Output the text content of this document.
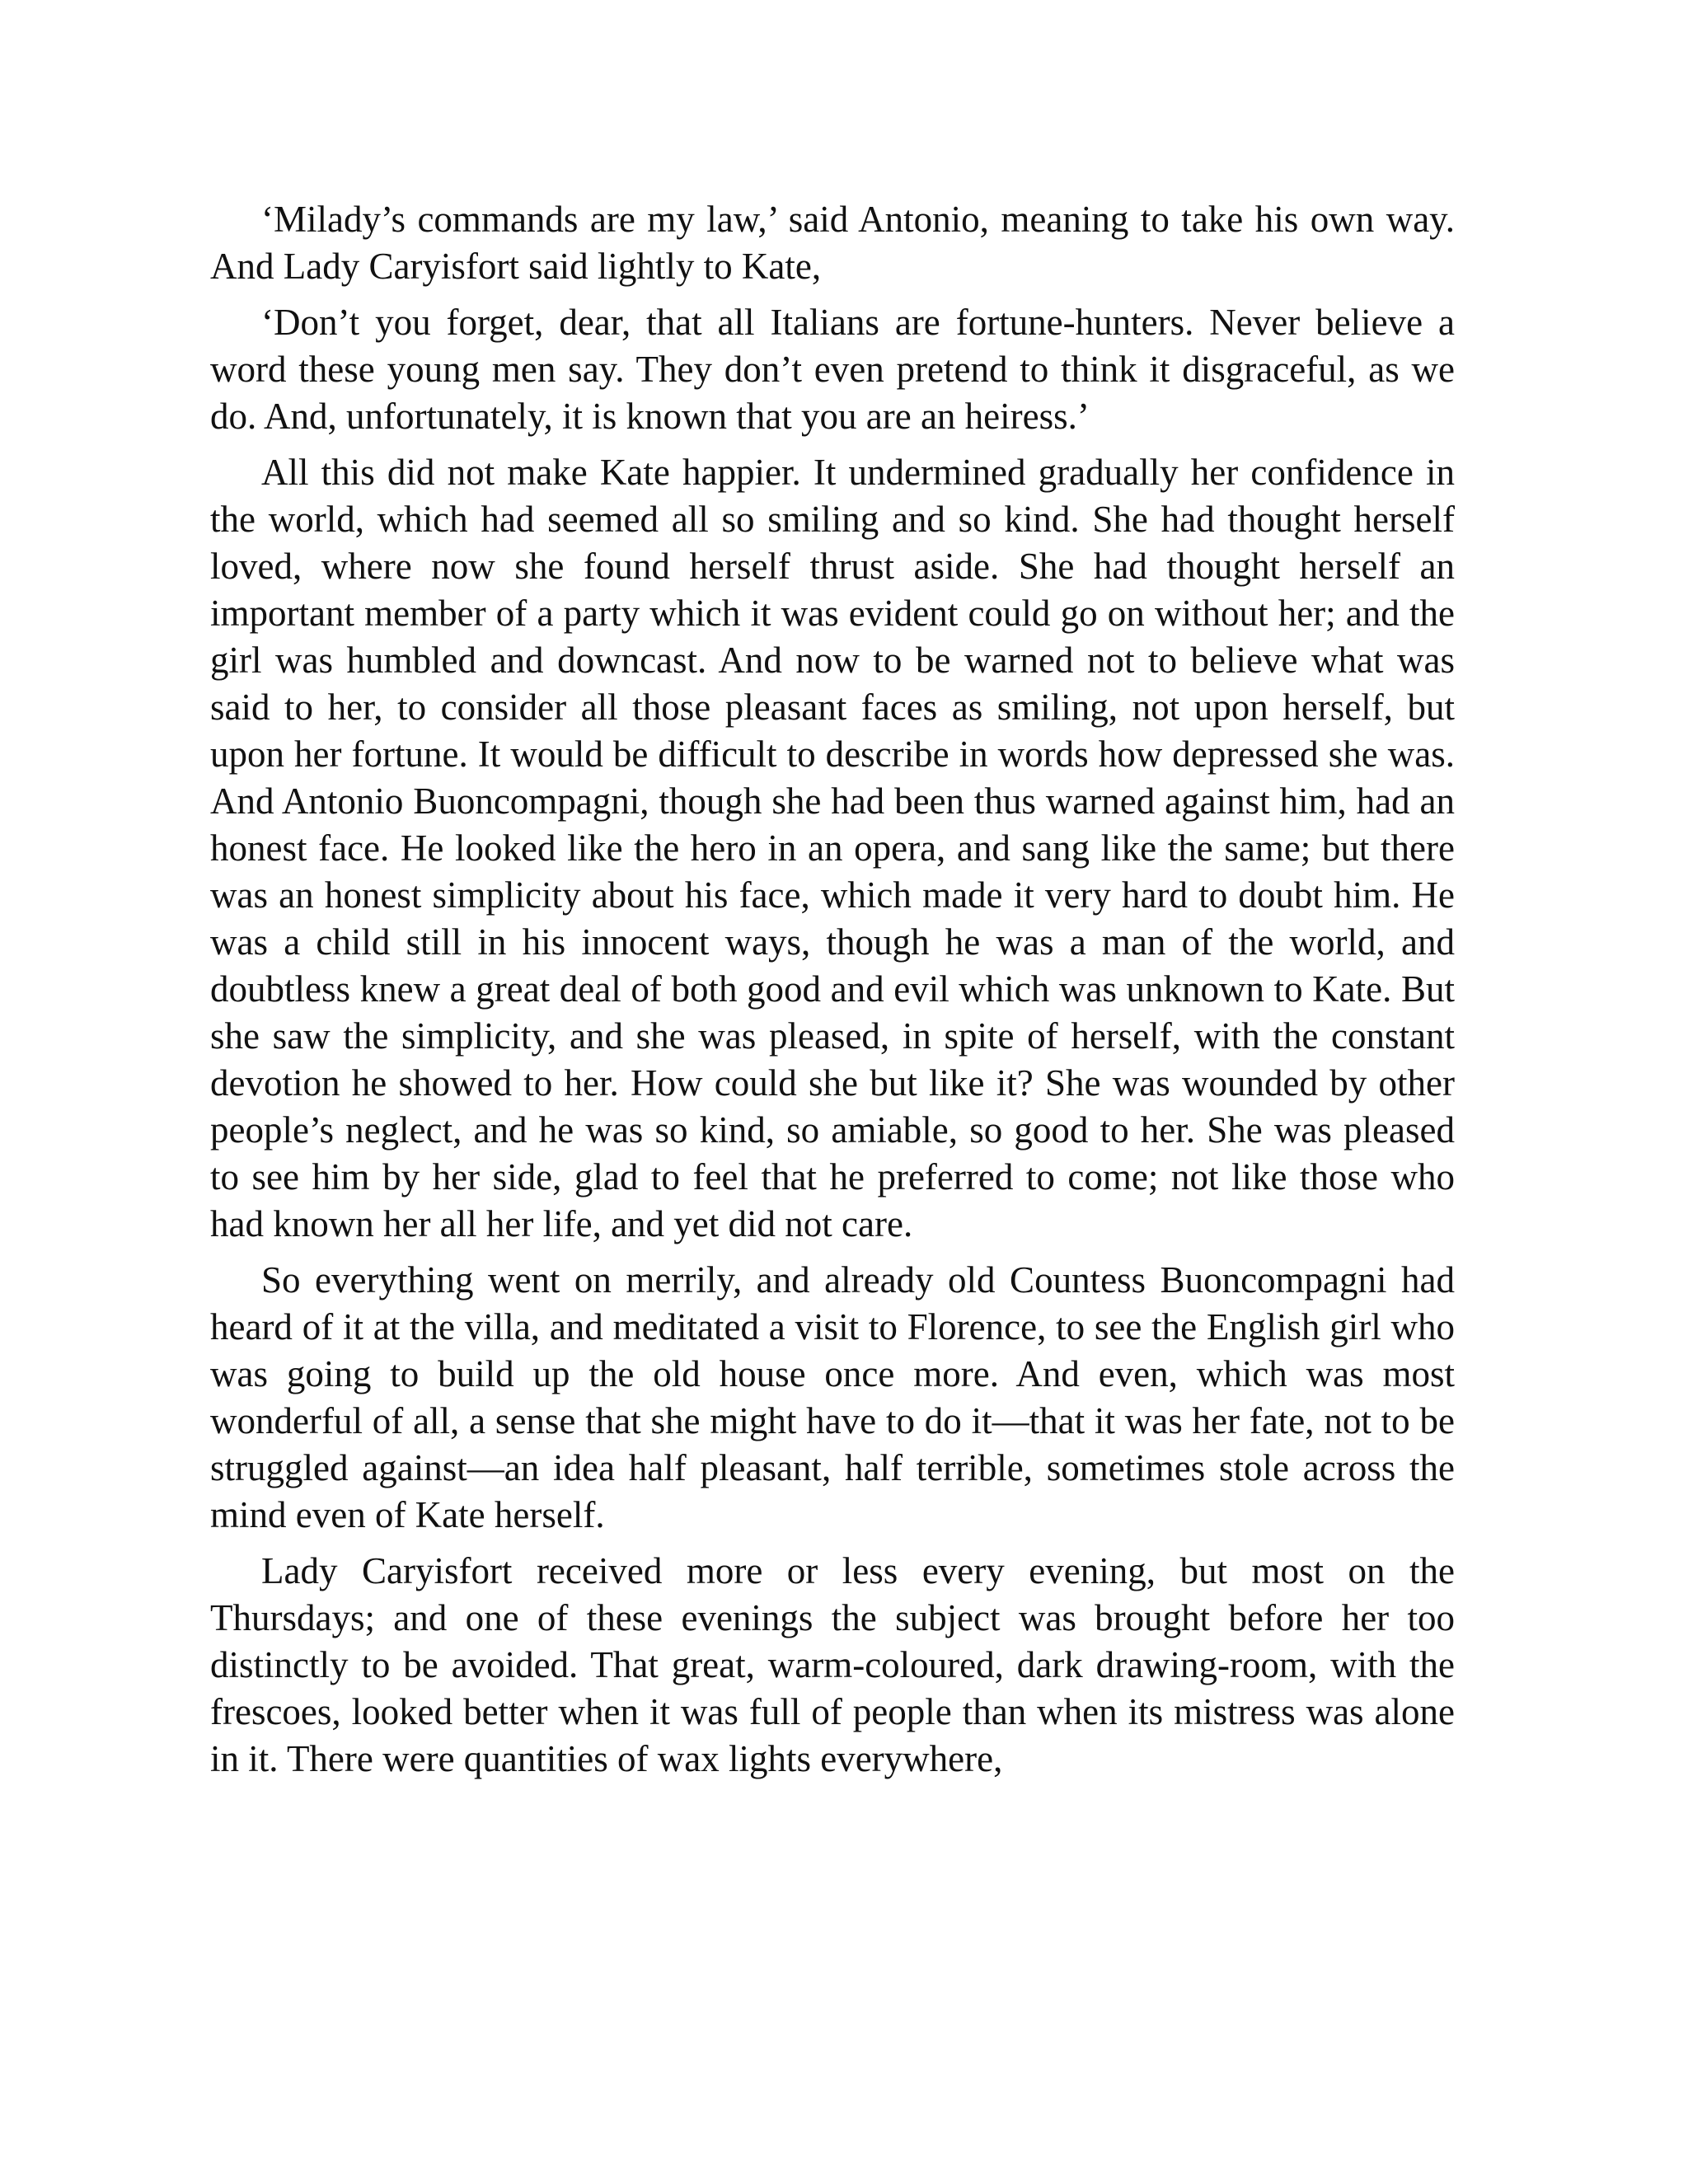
‘Milady’s commands are my law,’ said Antonio, meaning to take his own way. And Lady Caryisfort said lightly to Kate,

‘Don’t you forget, dear, that all Italians are fortune-hunters. Never believe a word these young men say. They don’t even pretend to think it disgraceful, as we do. And, unfortunately, it is known that you are an heiress.’

All this did not make Kate happier. It undermined gradually her confidence in the world, which had seemed all so smiling and so kind. She had thought herself loved, where now she found herself thrust aside. She had thought herself an important member of a party which it was evident could go on without her; and the girl was humbled and downcast. And now to be warned not to believe what was said to her, to consider all those pleasant faces as smiling, not upon herself, but upon her fortune. It would be difficult to describe in words how depressed she was. And Antonio Buoncompagni, though she had been thus warned against him, had an honest face. He looked like the hero in an opera, and sang like the same; but there was an honest simplicity about his face, which made it very hard to doubt him. He was a child still in his innocent ways, though he was a man of the world, and doubtless knew a great deal of both good and evil which was unknown to Kate. But she saw the simplicity, and she was pleased, in spite of herself, with the constant devotion he showed to her. How could she but like it? She was wounded by other people’s neglect, and he was so kind, so amiable, so good to her. She was pleased to see him by her side, glad to feel that he preferred to come; not like those who had known her all her life, and yet did not care.

So everything went on merrily, and already old Countess Buoncompagni had heard of it at the villa, and meditated a visit to Florence, to see the English girl who was going to build up the old house once more. And even, which was most wonderful of all, a sense that she might have to do it—that it was her fate, not to be struggled against—an idea half pleasant, half terrible, sometimes stole across the mind even of Kate herself.

Lady Caryisfort received more or less every evening, but most on the Thursdays; and one of these evenings the subject was brought before her too distinctly to be avoided. That great, warm-coloured, dark drawing-room, with the frescoes, looked better when it was full of people than when its mistress was alone in it. There were quantities of wax lights everywhere,
